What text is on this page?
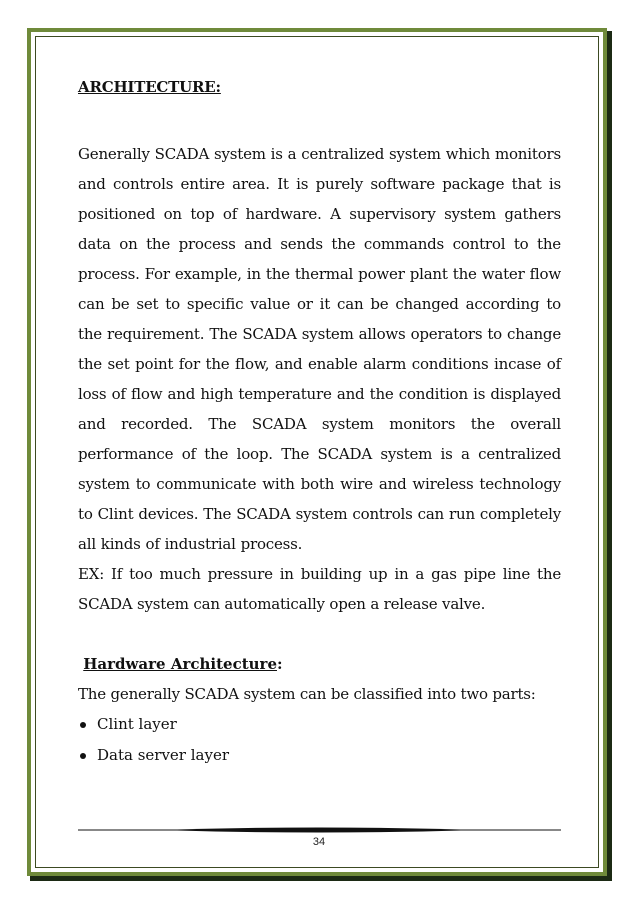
ARCHITECTURE:

Generally SCADA system is a centralized system which monitors and controls entire area. It is purely software package that is positioned on top of hardware. A supervisory system gathers data on the process and sends the commands control to the process. For example, in the thermal power plant the water flow can be set to specific value or it can be changed according to the requirement. The SCADA system allows operators to change the set point for the flow, and enable alarm conditions incase of loss of flow and high temperature and the condition is displayed and recorded. The SCADA system monitors the overall performance of the loop. The SCADA system is a centralized system to communicate with both wire and wireless technology to Clint devices. The SCADA system controls can run completely all kinds of industrial process.

EX: If too much pressure in building up in a gas pipe line the SCADA system can automatically open a release valve.

Hardware Architecture:

The generally SCADA system can be classified into two parts:

Clint layer
Data server layer
34
